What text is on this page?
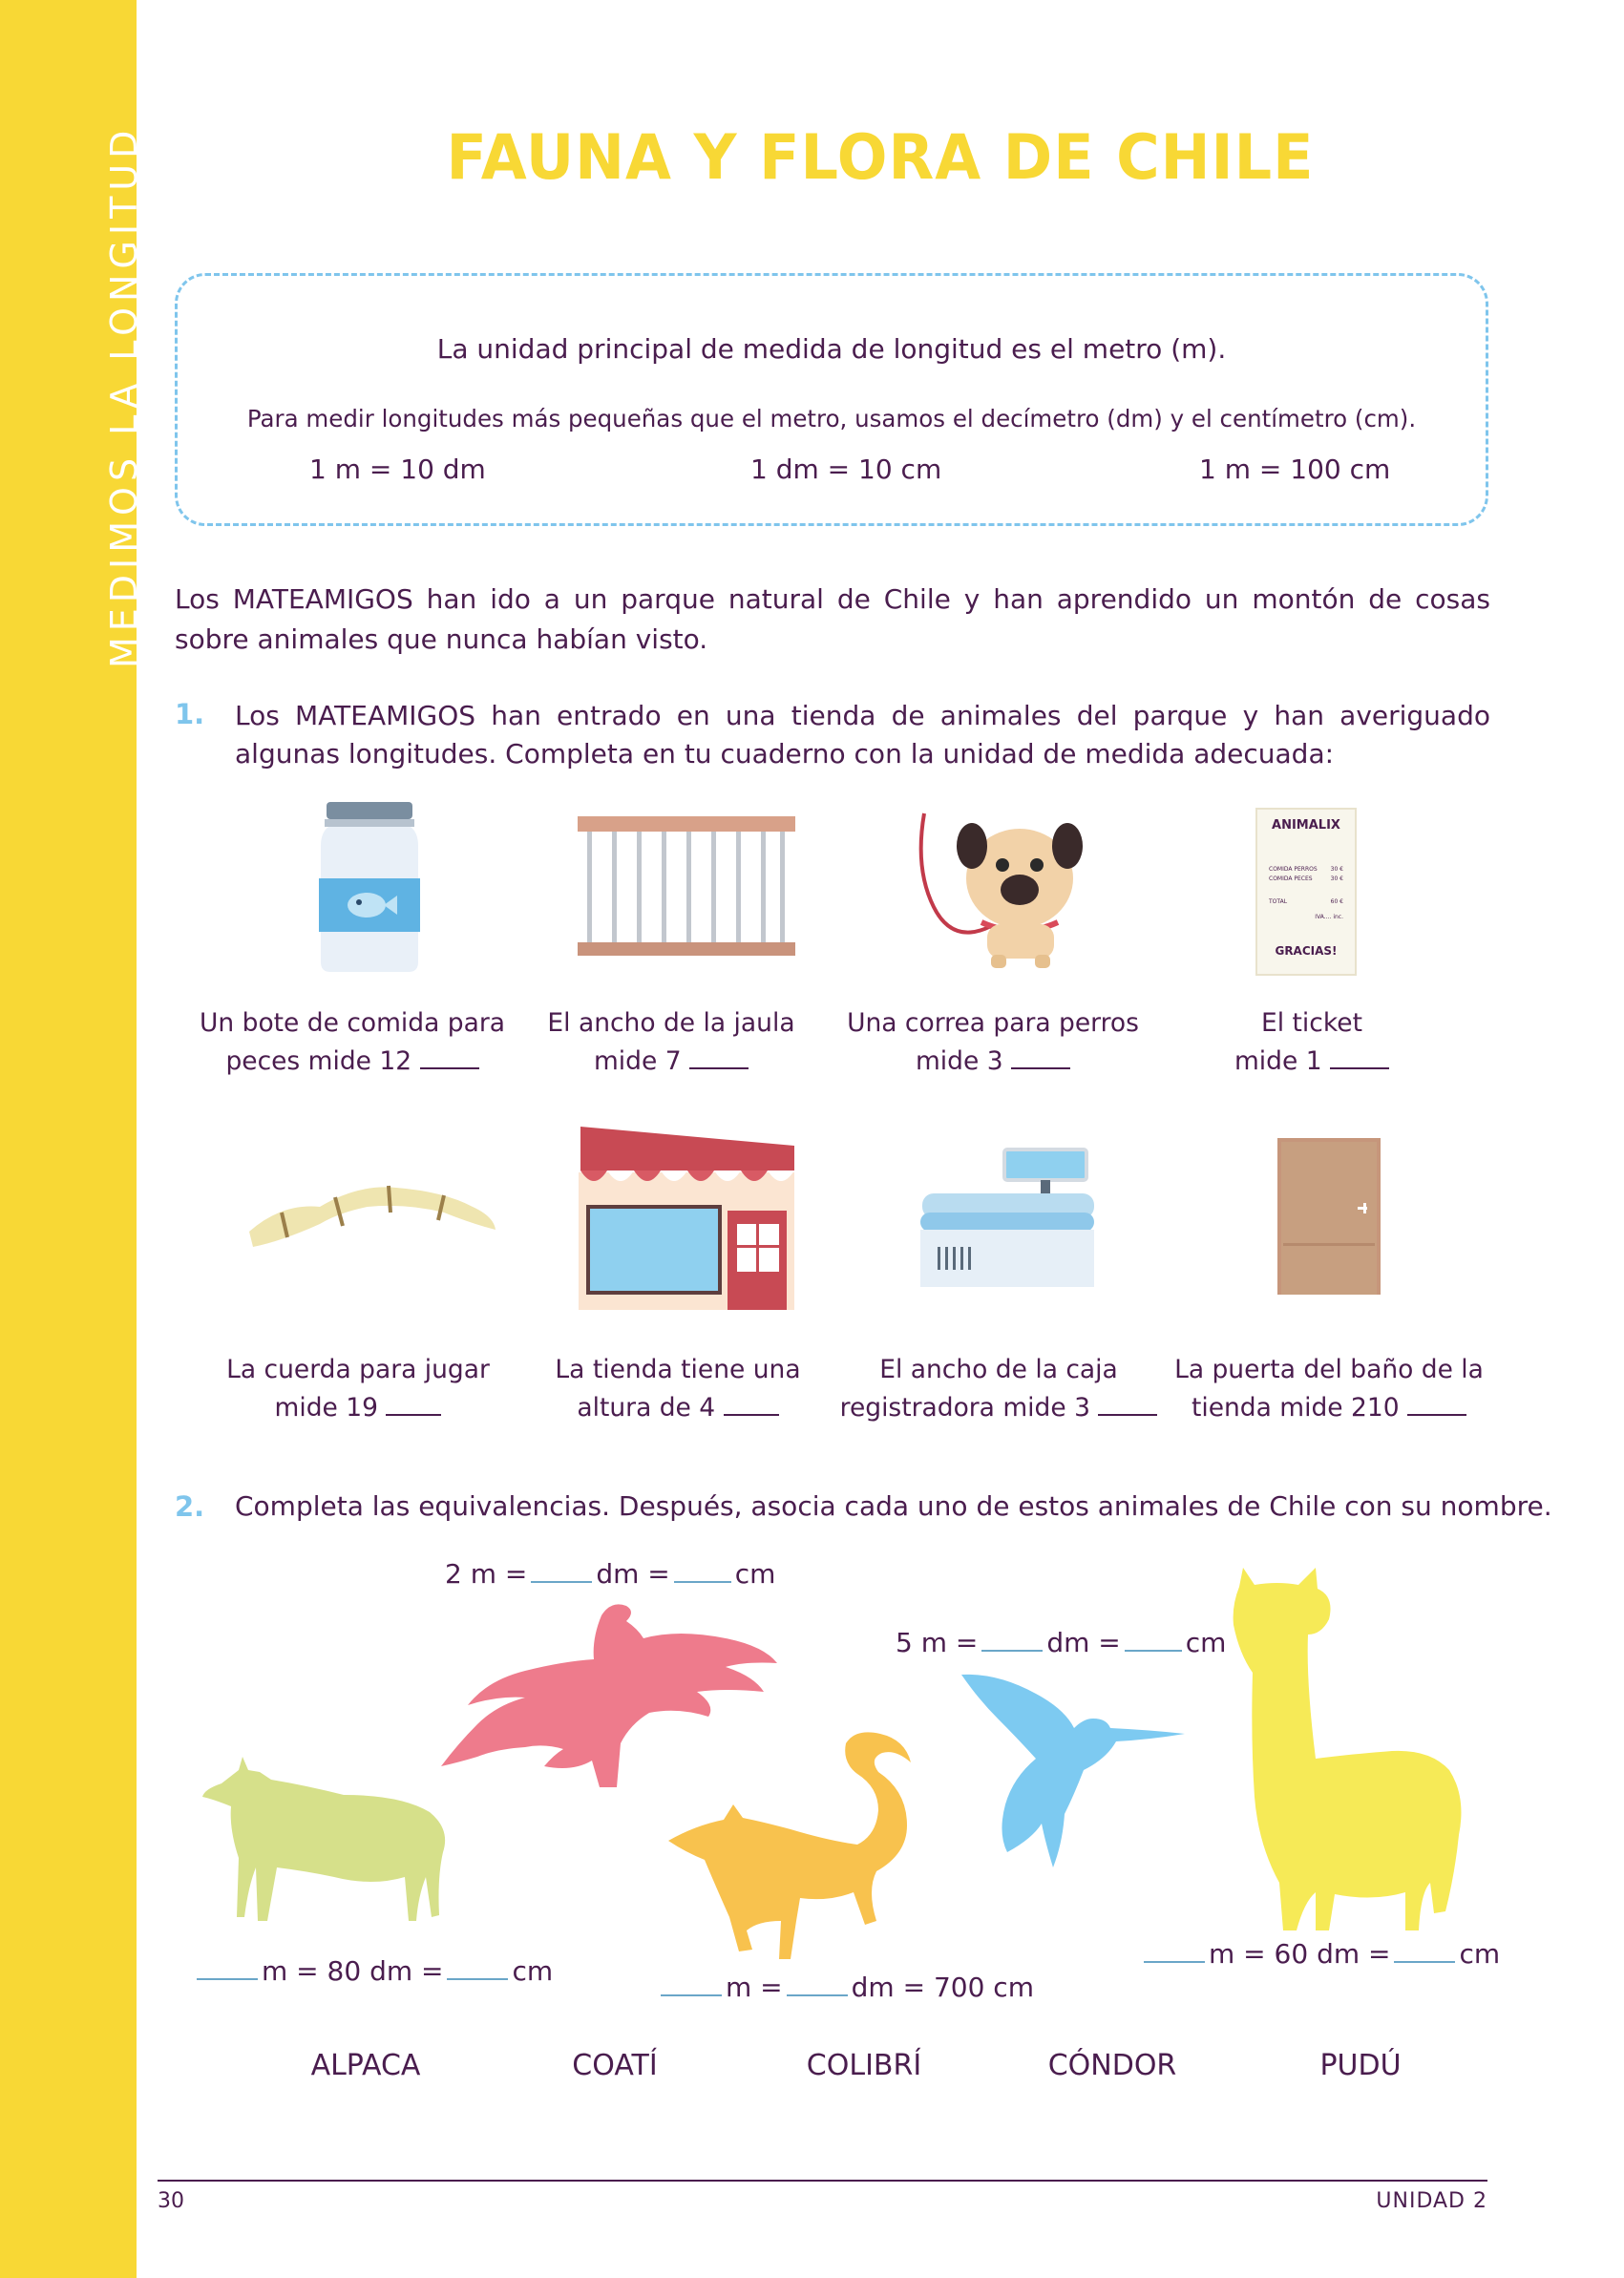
MEDIMOS LA LONGITUD	FAUNA Y FLORA DE CHILE
La unidad principal de medida de longitud es el metro (m).
Para medir longitudes más pequeñas que el metro, usamos el decímetro (dm) y el centímetro (cm).
1 m = 10 dm	1 dm = 10 cm	1 m = 100 cm
Los MATEAMIGOS han ido a un parque natural de Chile y han aprendido un montón de cosas sobre animales que nunca habían visto.
1. Los MATEAMIGOS han entrado en una tienda de animales del parque y han averiguado algunas longitudes. Completa en tu cuaderno con la unidad de medida adecuada:
ANIMALIX
COMIDA PERROS 30 €
COMIDA PECES	30 €
TOTAL	60 €
IVA.... inc.
GRACIAS!
Un bote de comida para
peces mide 12
El ancho de la jaula
mide 7
Una correa para perros
mide 3
El ticket
mide 1
La cuerda para jugar
mide 19
La tienda tiene una
altura de 4
El ancho de la caja
registradora mide 3
La puerta del baño de la
tienda mide 210
2. Completa las equivalencias. Después, asocia cada uno de estos animales de Chile con su nombre.
2 m =	dm = cm
5 m =	dm = cm
m = 80 dm =	cm
m =	dm = 700 cm
m = 60 dm =	cm
ALPACA	COATÍ	COLIBRÍ	CÓNDOR	PUDÚ
30	UNIDAD 2
